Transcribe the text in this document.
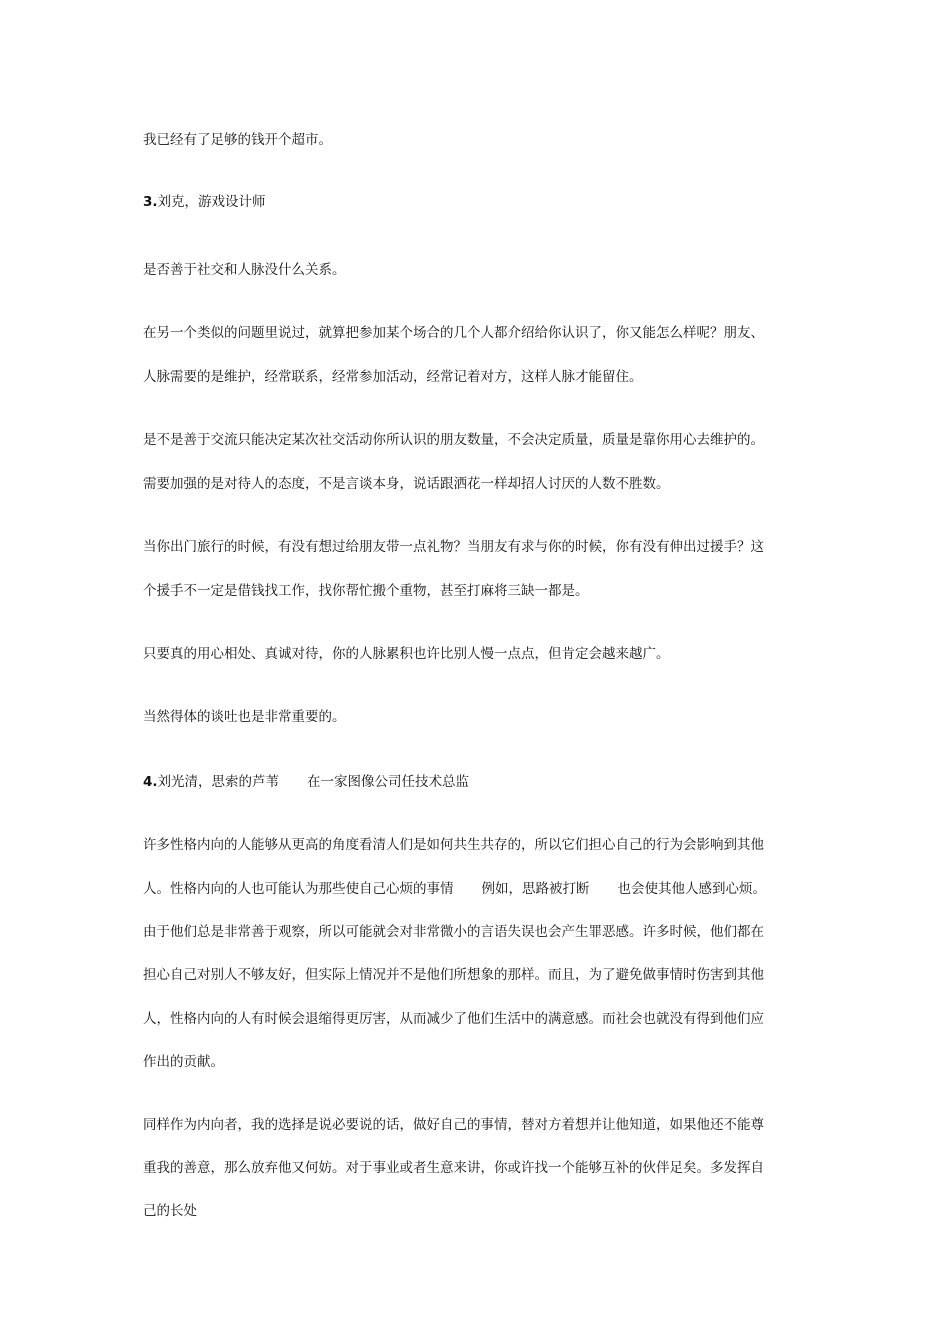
我已经有了足够的钱开个超市。
3.刘克，游戏设计师
是否善于社交和人脉没什么关系。
在另一个类似的问题里说过，就算把参加某个场合的几个人都介绍给你认识了，你又能怎么样呢？朋友、
人脉需要的是维护，经常联系，经常参加活动，经常记着对方，这样人脉才能留住。
是不是善于交流只能决定某次社交活动你所认识的朋友数量，不会决定质量，质量是靠你用心去维护的。
需要加强的是对待人的态度，不是言谈本身，说话跟洒花一样却招人讨厌的人数不胜数。
当你出门旅行的时候，有没有想过给朋友带一点礼物？当朋友有求与你的时候，你有没有伸出过援手？这
个援手不一定是借钱找工作，找你帮忙搬个重物，甚至打麻将三缺一都是。
只要真的用心相处、真诚对待，你的人脉累积也许比别人慢一点点，但肯定会越来越广。
当然得体的谈吐也是非常重要的。
4.刘光清，思索的芦苇 在一家图像公司任技术总监
许多性格内向的人能够从更高的角度看清人们是如何共生共存的，所以它们担心自己的行为会影响到其他
人。性格内向的人也可能认为那些使自己心烦的事情 例如，思路被打断 也会使其他人感到心烦。
由于他们总是非常善于观察，所以可能就会对非常微小的言语失误也会产生罪恶感。许多时候，他们都在
担心自己对别人不够友好，但实际上情况并不是他们所想象的那样。而且，为了避免做事情时伤害到其他
人，性格内向的人有时候会退缩得更厉害，从而减少了他们生活中的满意感。而社会也就没有得到他们应
作出的贡献。
同样作为内向者，我的选择是说必要说的话，做好自己的事情，替对方着想并让他知道，如果他还不能尊
重我的善意，那么放弃他又何妨。对于事业或者生意来讲，你或许找一个能够互补的伙伴足矣。多发挥自
己的长处
